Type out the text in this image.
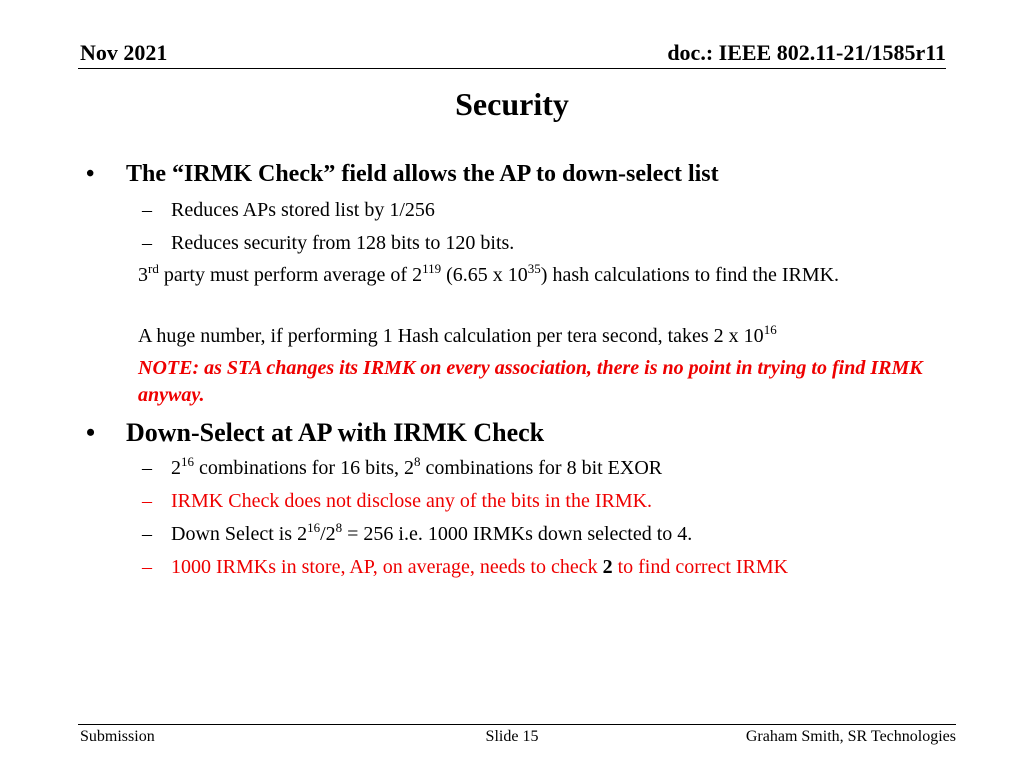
Nov 2021	doc.: IEEE 802.11-21/1585r11
Security
• The “IRMK Check” field allows the AP to down-select list
– Reduces APs stored list by 1/256
– Reduces security from 128 bits to 120 bits.
3rd party must perform average of $2^{119}$ (6.65 x $10^{35}$) hash calculations to find the IRMK.
A huge number, if performing 1 Hash calculation per tera second, takes 2 x $10^{16}$
NOTE: as STA changes its IRMK on every association, there is no point in trying to find IRMK anyway.
• Down-Select at AP with IRMK Check
– $2^{16}$ combinations for 16 bits, $2^8$ combinations for 8 bit EXOR
– IRMK Check does not disclose any of the bits in the IRMK.
– Down Select is $2^{16}/2^8 = 256$ i.e. 1000 IRMKs down selected to 4.
– 1000 IRMKs in store, AP, on average, needs to check 2 to find correct IRMK
Submission	Slide 15	Graham Smith, SR Technologies
